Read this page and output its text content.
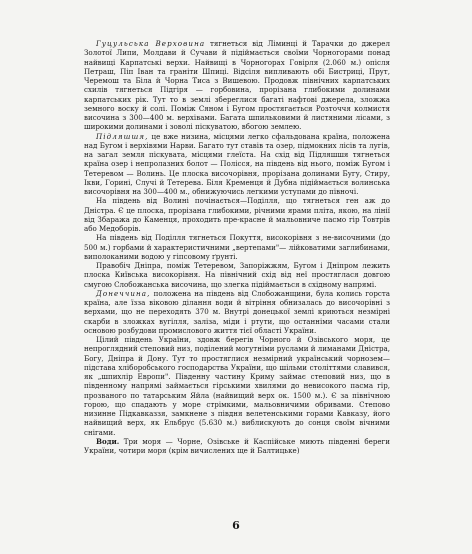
Гуцульська Верховина тягнеться від Ліминці й Тарачки до джерел Золотої Липи, Молдави й Сучави й підіймається своїми Чорногорами понад найвищі Карпатські верхи. Найвищі в Чорногорах Говірля (2.060 м.) опісля Петраш, Піп Іван та граніти Шпиці. Відсіля випливають обі Бистриці, Прут, Черемош та Біла й Чорна Тиса з Вишевою. Продовж північних карпатських схилів тягнеться Підгіря — горбовина, прорізана глибокими долинами карпатських рік. Тут то в землі збереглися багаті нафтові джерела, зложжа земного воску й солі. Поміж Сяном і Бугом простягається Розточчя колмистя височина з 300—400 м. верхівами. Багата шпильковими й листяними лісами, з широкими долинами і зоволі піскуватою, вбогою землею.

Підляшшя, це вже низина, місцями легко сфальдована країна, положена над Бугом і верхівями Нарви. Багато тут ставів та озер, підмокних лісів та лугів, на загал земля піскувата, місцями глеїста. На схід від Підляшшя тягнеться країна озер і непролазних болот — Полісся, на південь від нього, поміж Бугом і Тетеревом — Волинь. Це плоска височорівня, прорізана долинами Бугу, Стиру, Ікви, Горині, Случі й Тетерева. Біля Кременця й Дубна підіймається волинська височорівня на 300—400 м., обнижуючись легкими уступами до півночі.

На південь від Волині почінається—Поділля, що тягнеться ген аж до Дністра. Є це плоска, прорізана глибокими, річними ярами пліта, якою, на лінії від Збаража до Каменця, проходить пре-красне й мальовниче пасмо гір Товтрів або Медоборів.

На південь від Поділля тягнеться Покуття, високорівня з не-височними (до 500 м.) горбами й характеристичними „вертепами"— лійковатими заглибинами, виполоканими водою у гіпсовому ґрунті.

Правобіч Дніпра, поміж Тетеревом, Запоріжжям, Бугом і Дніпром лежить плоска Київська високорівня. На північний схід від неї простяглася довгою смугою Слобожанська височина, що злегка підіймається в східному напрямі.

Донеччина, положена на південь від Слобожанщини, була колись горста країна, але їзза віковою ділання води й вітріння обнизалась до височорівні з верхами, що не переходять 370 м. Внутрі донецької землі криються незмірні скарби в зложках вугілля, заліза, міди і ртути, що останніми часами стали основою розбудови промислового життя тієї області України.

Цілий південь України, здовж берегів Чорного й Озівського моря, це непроглядний степовий низ, поділений могутніми руслами й лиманами Дністра, Богу, Дніпра й Дону. Тут то простяглися незмірний український чорнозем—підстава хліборобського господарства України, що шільми століттями славився, як „шпихлір Европи". Південну частину Криму займає степовий низ, що в південному напрямі займається гірськими хвилями до невисокого пасма гір, прозваного по татарським Яйла (найвищий верх ок. 1500 м.). Є за північною горою, що спадають у море стрімкими, мальовничими обривами. Степово низинне Підкавказзя, замкнене з півдня велетенськими горами Кавказу, його найвищий верх, як Ельбрус (5.630 м.) виблискують до сонця своїм вічними снігами.

Води. Три моря — Чорне, Озівське й Каспійське миють південні береги України, чотири моря (крім вичислених ще й Балтицьке)

6
